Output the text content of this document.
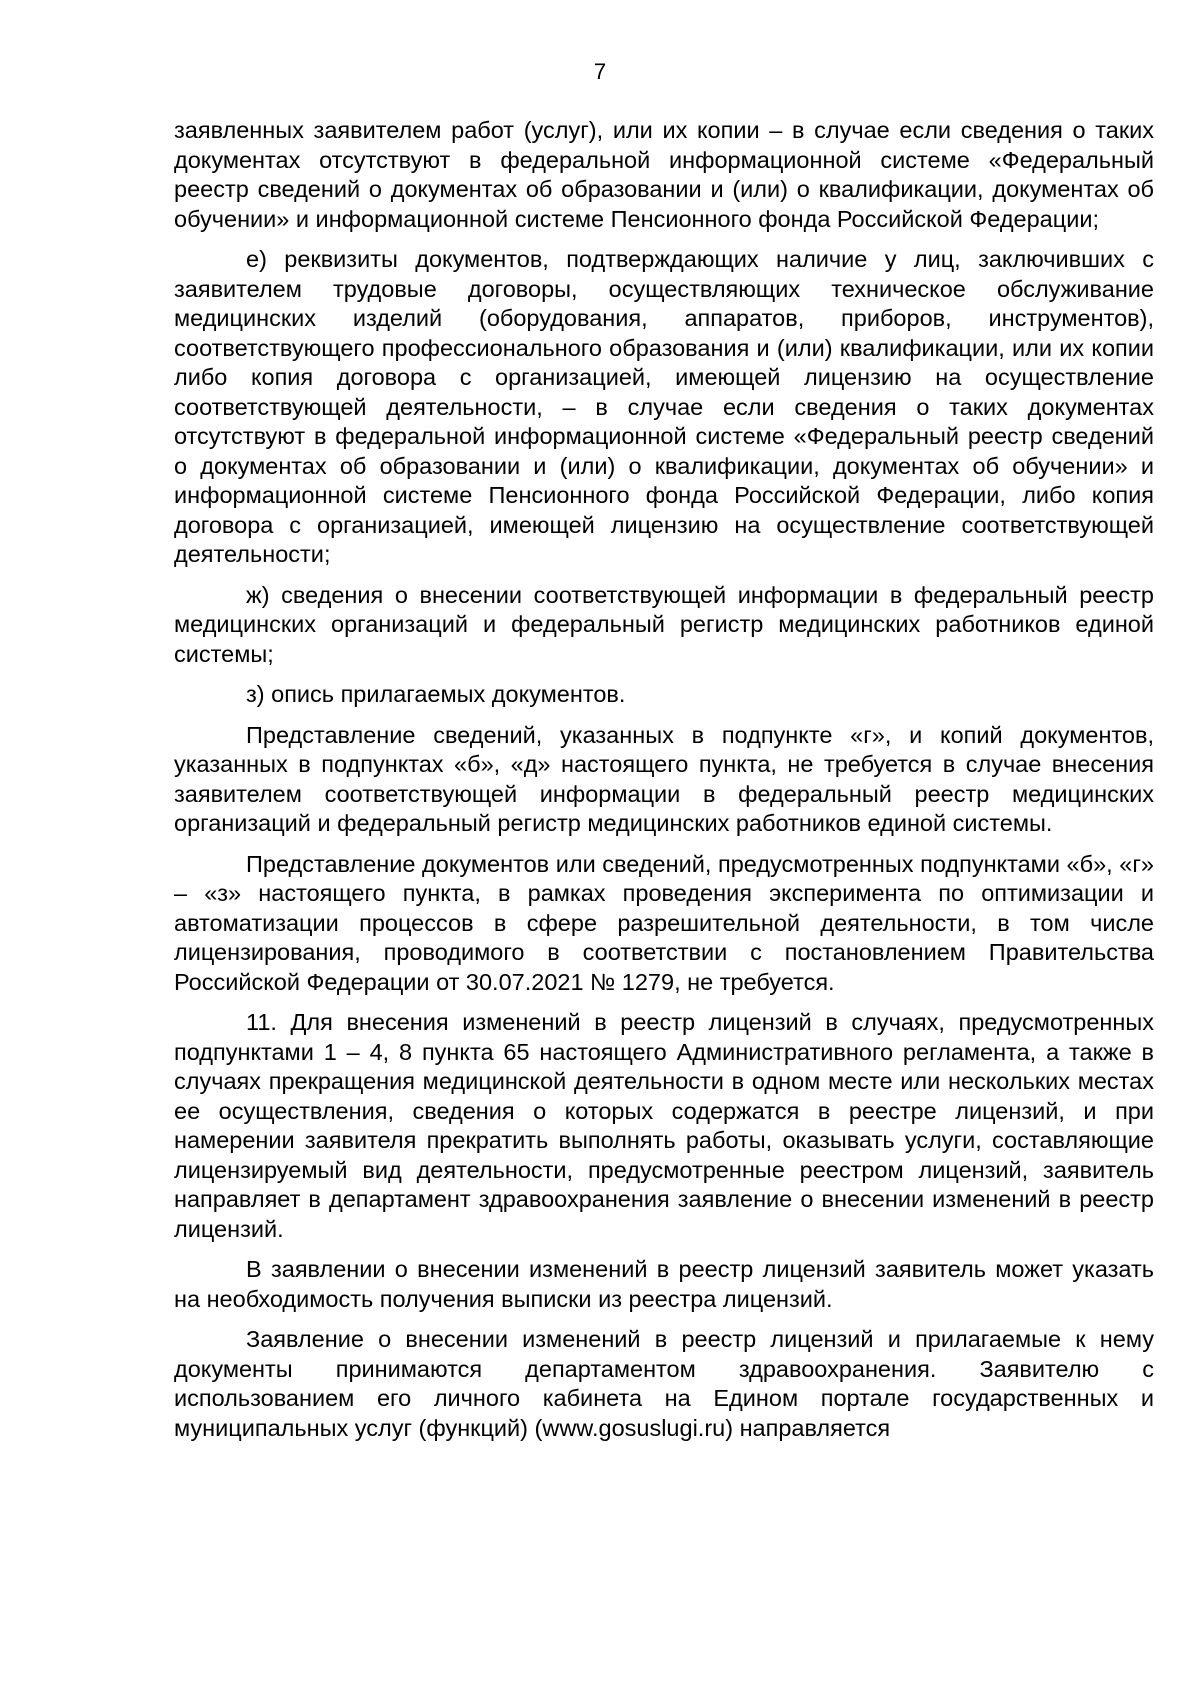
7

заявленных заявителем работ (услуг), или их копии – в случае если сведения о таких документах отсутствуют в федеральной информационной системе «Федеральный реестр сведений о документах об образовании и (или) о квалификации, документах об обучении» и информационной системе Пенсионного фонда Российской Федерации;

е) реквизиты документов, подтверждающих наличие у лиц, заключивших с заявителем трудовые договоры, осуществляющих техническое обслуживание медицинских изделий (оборудования, аппаратов, приборов, инструментов), соответствующего профессионального образования и (или) квалификации, или их копии либо копия договора с организацией, имеющей лицензию на осуществление соответствующей деятельности, – в случае если сведения о таких документах отсутствуют в федеральной информационной системе «Федеральный реестр сведений о документах об образовании и (или) о квалификации, документах об обучении» и информационной системе Пенсионного фонда Российской Федерации, либо копия договора с организацией, имеющей лицензию на осуществление соответствующей деятельности;

ж) сведения о внесении соответствующей информации в федеральный реестр медицинских организаций и федеральный регистр медицинских работников единой системы;

з) опись прилагаемых документов.

Представление сведений, указанных в подпункте «г», и копий документов, указанных в подпунктах «б», «д» настоящего пункта, не требуется в случае внесения заявителем соответствующей информации в федеральный реестр медицинских организаций и федеральный регистр медицинских работников единой системы.

Представление документов или сведений, предусмотренных подпунктами «б», «г» – «з» настоящего пункта, в рамках проведения эксперимента по оптимизации и автоматизации процессов в сфере разрешительной деятельности, в том числе лицензирования, проводимого в соответствии с постановлением Правительства Российской Федерации от 30.07.2021 № 1279, не требуется.

11. Для внесения изменений в реестр лицензий в случаях, предусмотренных подпунктами 1 – 4, 8 пункта 65 настоящего Административного регламента, а также в случаях прекращения медицинской деятельности в одном месте или нескольких местах ее осуществления, сведения о которых содержатся в реестре лицензий, и при намерении заявителя прекратить выполнять работы, оказывать услуги, составляющие лицензируемый вид деятельности, предусмотренные реестром лицензий, заявитель направляет в департамент здравоохранения заявление о внесении изменений в реестр лицензий.

В заявлении о внесении изменений в реестр лицензий заявитель может указать на необходимость получения выписки из реестра лицензий.

Заявление о внесении изменений в реестр лицензий и прилагаемые к нему документы принимаются департаментом здравоохранения. Заявителю с использованием его личного кабинета на Едином портале государственных и муниципальных услуг (функций) (www.gosuslugi.ru) направляется
